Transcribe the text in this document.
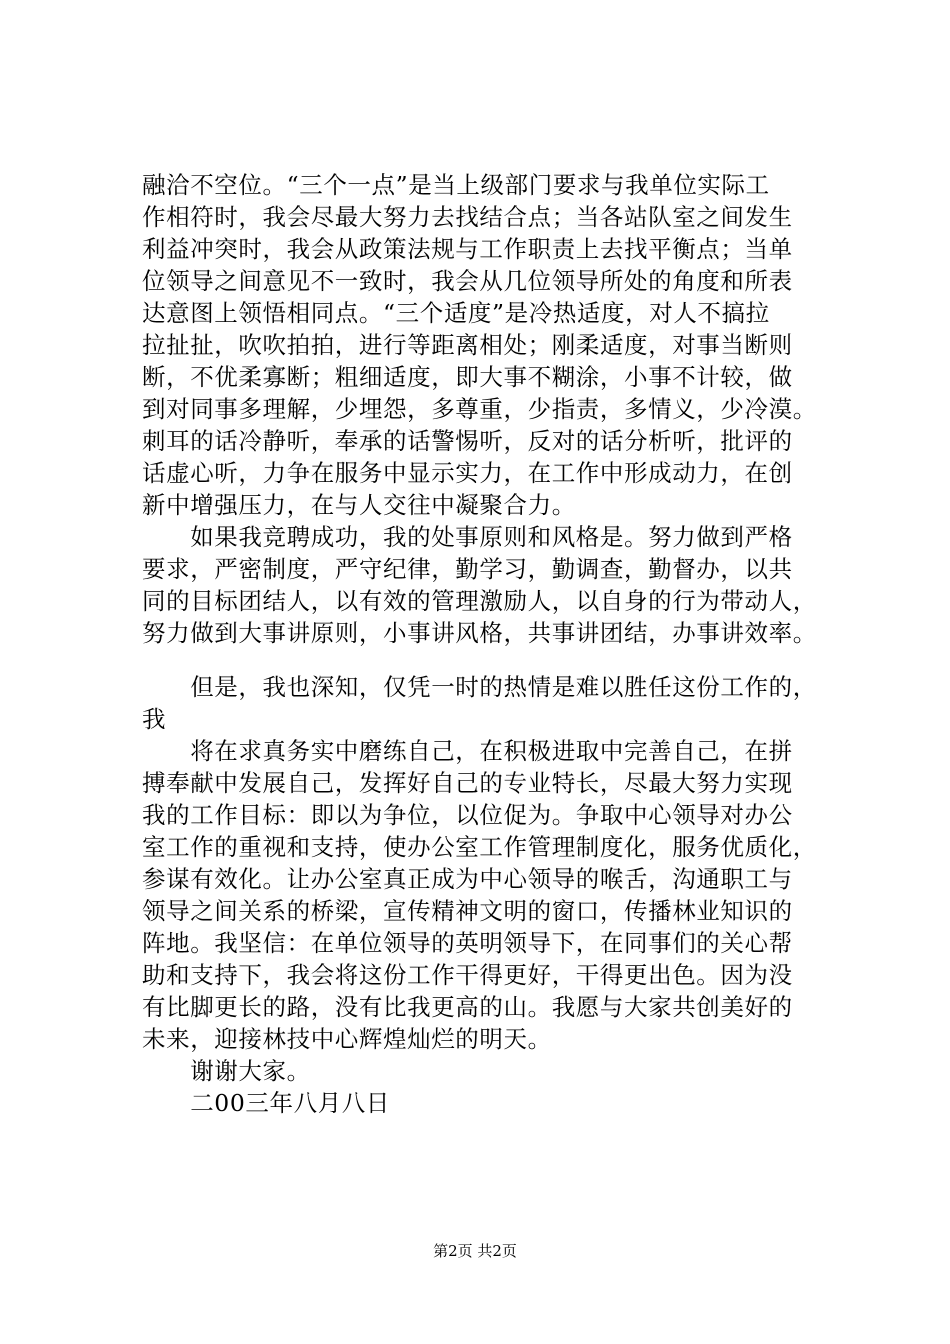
融洽不空位。“三个一点”是当上级部门要求与我单位实际工
作相符时，我会尽最大努力去找结合点；当各站队室之间发生
利益冲突时，我会从政策法规与工作职责上去找平衡点；当单
位领导之间意见不一致时，我会从几位领导所处的角度和所表
达意图上领悟相同点。“三个适度”是冷热适度，对人不搞拉
拉扯扯，吹吹拍拍，进行等距离相处；刚柔适度，对事当断则
断，不优柔寡断；粗细适度，即大事不糊涂，小事不计较，做
到对同事多理解，少埋怨，多尊重，少指责，多情义，少冷漠。
刺耳的话冷静听，奉承的话警惕听，反对的话分析听，批评的
话虚心听，力争在服务中显示实力，在工作中形成动力，在创
新中增强压力，在与人交往中凝聚合力。
　　如果我竞聘成功，我的处事原则和风格是。努力做到严格
要求，严密制度，严守纪律，勤学习，勤调查，勤督办，以共
同的目标团结人，以有效的管理激励人，以自身的行为带动人，
努力做到大事讲原则，小事讲风格，共事讲团结，办事讲效率。
　　但是，我也深知，仅凭一时的热情是难以胜任这份工作的，
我
　　将在求真务实中磨练自己，在积极进取中完善自己，在拼
搏奉献中发展自己，发挥好自己的专业特长，尽最大努力实现
我的工作目标：即以为争位，以位促为。争取中心领导对办公
室工作的重视和支持，使办公室工作管理制度化，服务优质化，
参谋有效化。让办公室真正成为中心领导的喉舌，沟通职工与
领导之间关系的桥梁，宣传精神文明的窗口，传播林业知识的
阵地。我坚信：在单位领导的英明领导下，在同事们的关心帮
助和支持下，我会将这份工作干得更好，干得更出色。因为没
有比脚更长的路，没有比我更高的山。我愿与大家共创美好的
未来，迎接林技中心辉煌灿烂的明天。
　　谢谢大家。
　　二00三年八月八日
第2页 共2页
